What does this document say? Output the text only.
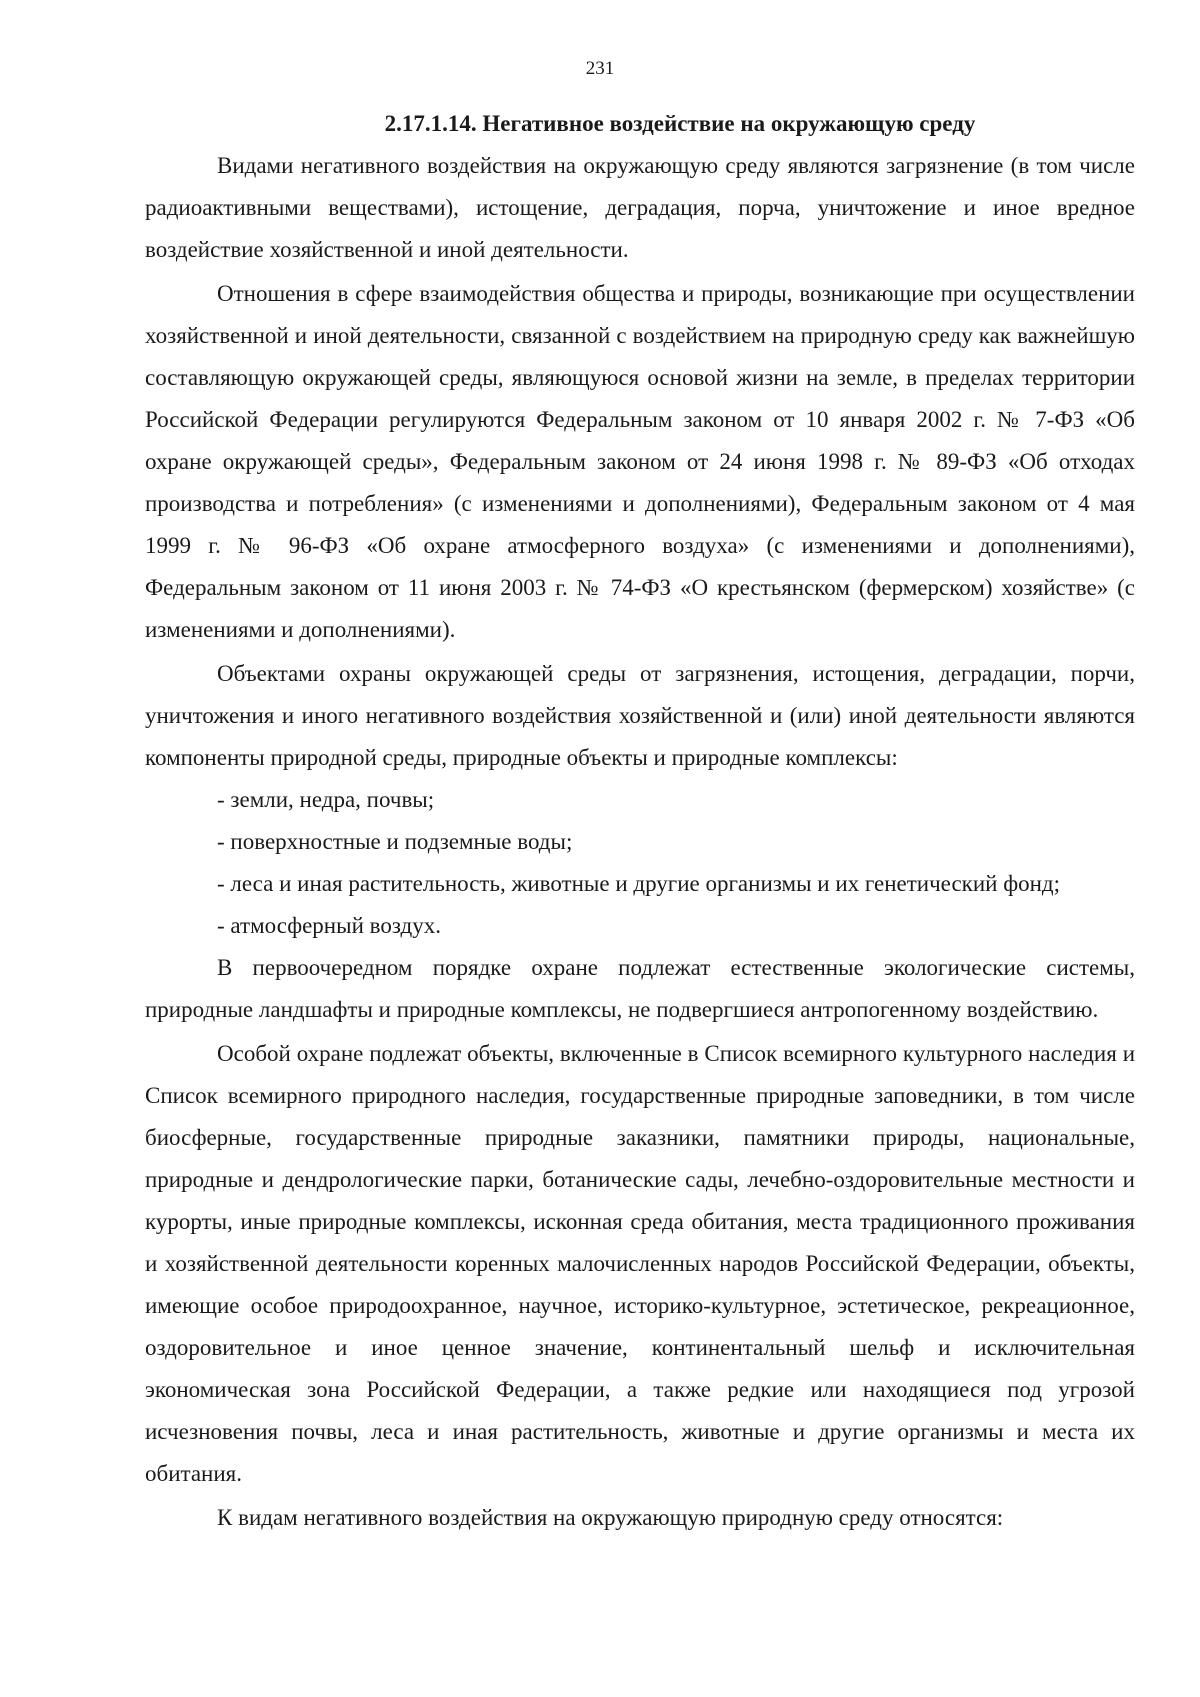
231
2.17.1.14. Негативное воздействие на окружающую среду

Видами негативного воздействия на окружающую среду являются загрязнение (в том числе радиоактивными веществами), истощение, деградация, порча, уничтожение и иное вредное воздействие хозяйственной и иной деятельности.

Отношения в сфере взаимодействия общества и природы, возникающие при осуществлении хозяйственной и иной деятельности, связанной с воздействием на природную среду как важнейшую составляющую окружающей среды, являющуюся основой жизни на земле, в пределах территории Российской Федерации регулируются Федеральным законом от 10 января 2002 г. № 7-ФЗ «Об охране окружающей среды», Федеральным законом от 24 июня 1998 г. № 89-ФЗ «Об отходах производства и потребления» (с изменениями и дополнениями), Федеральным законом от 4 мая 1999 г. № 96-ФЗ «Об охране атмосферного воздуха» (с изменениями и дополнениями), Федеральным законом от 11 июня 2003 г. № 74-ФЗ «О крестьянском (фермерском) хозяйстве» (с изменениями и дополнениями).

Объектами охраны окружающей среды от загрязнения, истощения, деградации, порчи, уничтожения и иного негативного воздействия хозяйственной и (или) иной деятельности являются компоненты природной среды, природные объекты и природные комплексы:

- земли, недра, почвы;
- поверхностные и подземные воды;
- леса и иная растительность, животные и другие организмы и их генетический фонд;
- атмосферный воздух.

В первоочередном порядке охране подлежат естественные экологические системы, природные ландшафты и природные комплексы, не подвергшиеся антропогенному воздействию.

Особой охране подлежат объекты, включенные в Список всемирного культурного наследия и Список всемирного природного наследия, государственные природные заповедники, в том числе биосферные, государственные природные заказники, памятники природы, национальные, природные и дендрологические парки, ботанические сады, лечебно-оздоровительные местности и курорты, иные природные комплексы, исконная среда обитания, места традиционного проживания и хозяйственной деятельности коренных малочисленных народов Российской Федерации, объекты, имеющие особое природоохранное, научное, историко-культурное, эстетическое, рекреационное, оздоровительное и иное ценное значение, континентальный шельф и исключительная экономическая зона Российской Федерации, а также редкие или находящиеся под угрозой исчезновения почвы, леса и иная растительность, животные и другие организмы и места их обитания.

К видам негативного воздействия на окружающую природную среду относятся:
